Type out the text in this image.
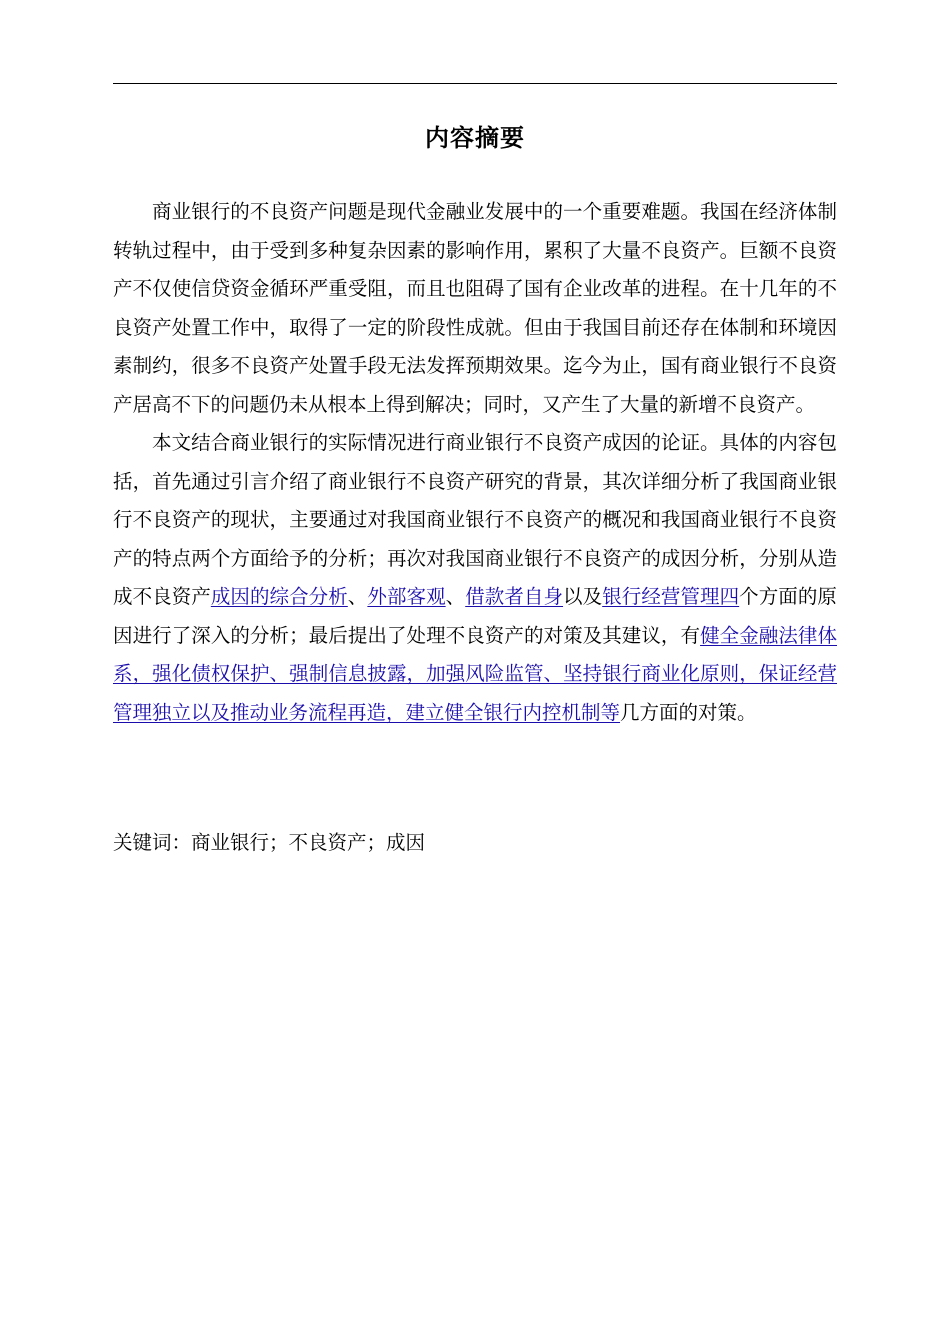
内容摘要

商业银行的不良资产问题是现代金融业发展中的一个重要难题。我国在经济体制转轨过程中，由于受到多种复杂因素的影响作用，累积了大量不良资产。巨额不良资产不仅使信贷资金循环严重受阻，而且也阻碍了国有企业改革的进程。在十几年的不良资产处置工作中，取得了一定的阶段性成就。但由于我国目前还存在体制和环境因素制约，很多不良资产处置手段无法发挥预期效果。迄今为止，国有商业银行不良资产居高不下的问题仍未从根本上得到解决；同时，又产生了大量的新增不良资产。

本文结合商业银行的实际情况进行商业银行不良资产成因的论证。具体的内容包括，首先通过引言介绍了商业银行不良资产研究的背景，其次详细分析了我国商业银行不良资产的现状，主要通过对我国商业银行不良资产的概况和我国商业银行不良资产的特点两个方面给予的分析；再次对我国商业银行不良资产的成因分析，分别从造成不良资产成因的综合分析、外部客观、借款者自身以及银行经营管理四个方面的原因进行了深入的分析；最后提出了处理不良资产的对策及其建议，有健全金融法律体系，强化债权保护、强制信息披露，加强风险监管、坚持银行商业化原则，保证经营管理独立以及推动业务流程再造，建立健全银行内控机制等几方面的对策。

关键词：商业银行；不良资产；成因
